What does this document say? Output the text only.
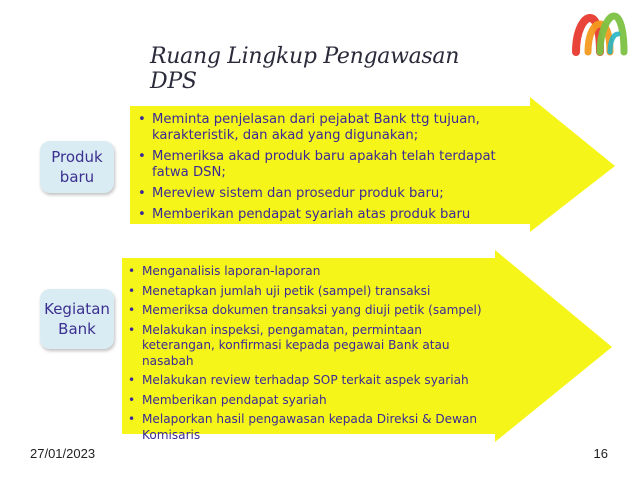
Ruang Lingkup Pengawasan DPS
Produk
baru
Kegiatan
Bank
• Meminta penjelasan dari pejabat Bank ttg tujuan, karakteristik, dan akad yang digunakan;
• Memeriksa akad produk baru apakah telah terdapat fatwa DSN;
• Mereview sistem dan prosedur produk baru;
• Memberikan pendapat syariah atas produk baru
• Menganalisis laporan-laporan
• Menetapkan jumlah uji petik (sampel) transaksi
• Memeriksa dokumen transaksi yang diuji petik (sampel)
• Melakukan inspeksi, pengamatan, permintaan keterangan, konfirmasi kepada pegawai Bank atau nasabah
• Melakukan review terhadap SOP terkait aspek syariah
• Memberikan pendapat syariah
• Melaporkan hasil pengawasan kepada Direksi & Dewan Komisaris
27/01/2023	16
